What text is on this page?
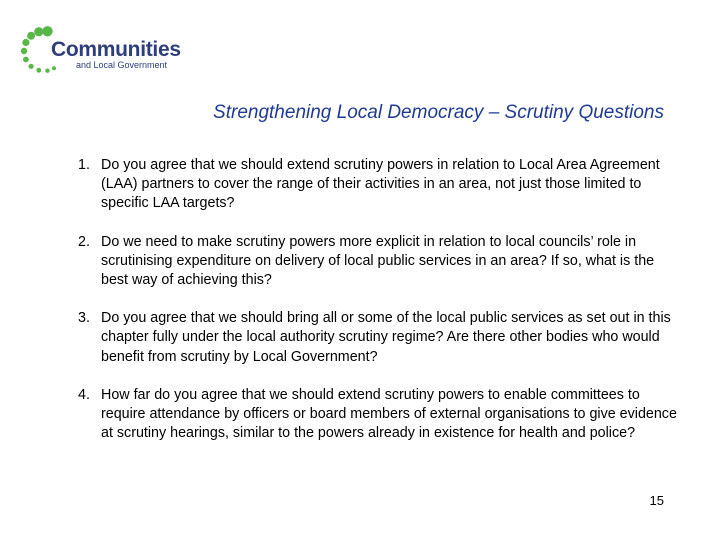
Communities
and Local Government
Strengthening Local Democracy – Scrutiny Questions
1. Do you agree that we should extend scrutiny powers in relation to Local Area Agreement (LAA) partners to cover the range of their activities in an area, not just those limited to specific LAA targets?
2. Do we need to make scrutiny powers more explicit in relation to local councils’ role in scrutinising expenditure on delivery of local public services in an area? If so, what is the best way of achieving this?
3. Do you agree that we should bring all or some of the local public services as set out in this chapter fully under the local authority scrutiny regime? Are there other bodies who would benefit from scrutiny by Local Government?
4. How far do you agree that we should extend scrutiny powers to enable committees to require attendance by officers or board members of external organisations to give evidence at scrutiny hearings, similar to the powers already in existence for health and police?
15
